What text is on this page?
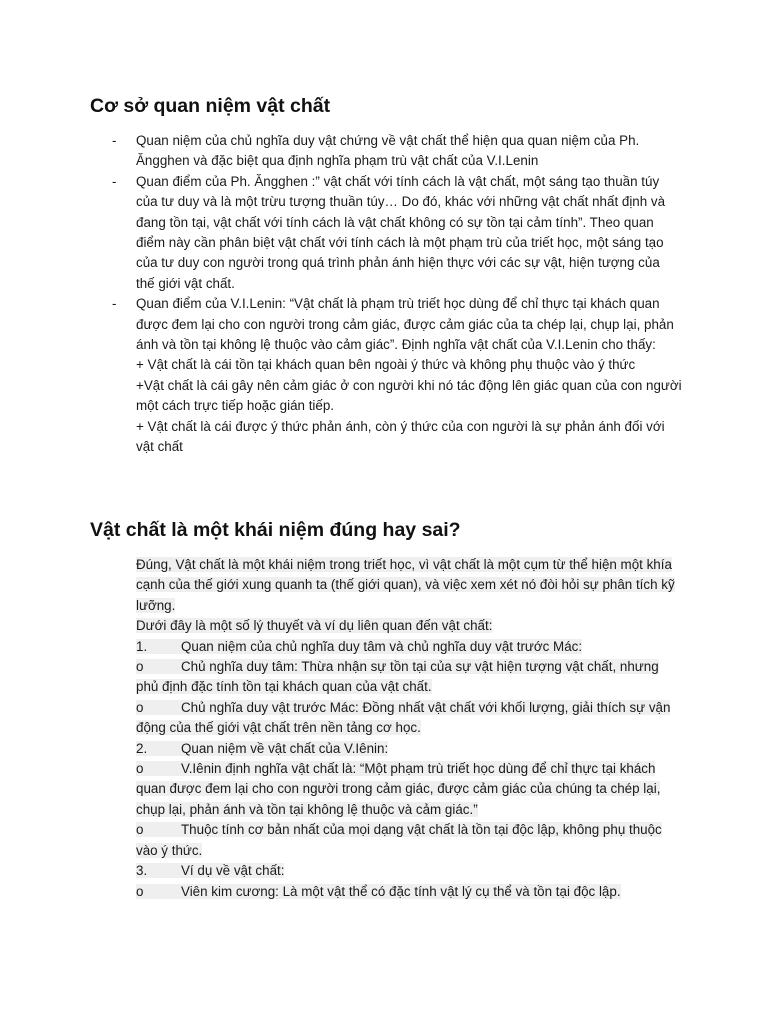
Cơ sở quan niệm vật chất
-	Quan niệm của chủ nghĩa duy vật chứng về vật chất thể hiện qua quan niệm của Ph. Ăngghen và đặc biệt qua định nghĩa phạm trù vật chất của V.I.Lenin
-	Quan điểm của Ph. Ăngghen :” vật chất với tính cách là vật chất, một sáng tạo thuần túy của tư duy và là một trừu tượng thuần túy… Do đó, khác với những vật chất nhất định và đang tồn tại, vật chất với tính cách là vật chất không có sự tồn tại cảm tính”. Theo quan điểm này cần phân biệt vật chất với tính cách là một phạm trù của triết học, một sáng tạo của tư duy con người trong quá trình phản ánh hiện thực với các sự vật, hiện tượng của thế giới vật chất.
-	Quan điểm của V.I.Lenin: “Vật chất là phạm trù triết học dùng để chỉ thực tại khách quan được đem lại cho con người trong cảm giác, được cảm giác của ta chép lại, chụp lại, phản ánh và tồn tại không lệ thuộc vào cảm giác”. Định nghĩa vật chất của V.I.Lenin cho thấy:
+ Vật chất là cái tồn tại khách quan bên ngoài ý thức và không phụ thuộc vào ý thức
+Vật chất là cái gây nên cảm giác ở con người khi nó tác động lên giác quan của con người một cách trực tiếp hoặc gián tiếp.
+ Vật chất là cái được ý thức phản ánh, còn ý thức của con người là sự phản ánh đối với vật chất
Vật chất là một khái niệm đúng hay sai?
Đúng, Vật chất là một khái niệm trong triết học, vì vật chất là một cụm từ thể hiện một khía cạnh của thế giới xung quanh ta (thế giới quan), và việc xem xét nó đòi hỏi sự phân tích kỹ lưỡng.
Dưới đây là một số lý thuyết và ví dụ liên quan đến vật chất:
1.	Quan niệm của chủ nghĩa duy tâm và chủ nghĩa duy vật trước Mác:
o	Chủ nghĩa duy tâm: Thừa nhận sự tồn tại của sự vật hiện tượng vật chất, nhưng phủ định đặc tính tồn tại khách quan của vật chất.
o	Chủ nghĩa duy vật trước Mác: Đồng nhất vật chất với khối lượng, giải thích sự vận động của thế giới vật chất trên nền tảng cơ học.
2.	Quan niệm về vật chất của V.Iênin:
o	V.Iênin định nghĩa vật chất là: “Một phạm trù triết học dùng để chỉ thực tại khách quan được đem lại cho con người trong cảm giác, được cảm giác của chúng ta chép lại, chụp lại, phản ánh và tồn tại không lệ thuộc và cảm giác.”
o	Thuộc tính cơ bản nhất của mọi dạng vật chất là tồn tại độc lập, không phụ thuộc vào ý thức.
3.	Ví dụ về vật chất:
o	Viên kim cương: Là một vật thể có đặc tính vật lý cụ thể và tồn tại độc lập.
